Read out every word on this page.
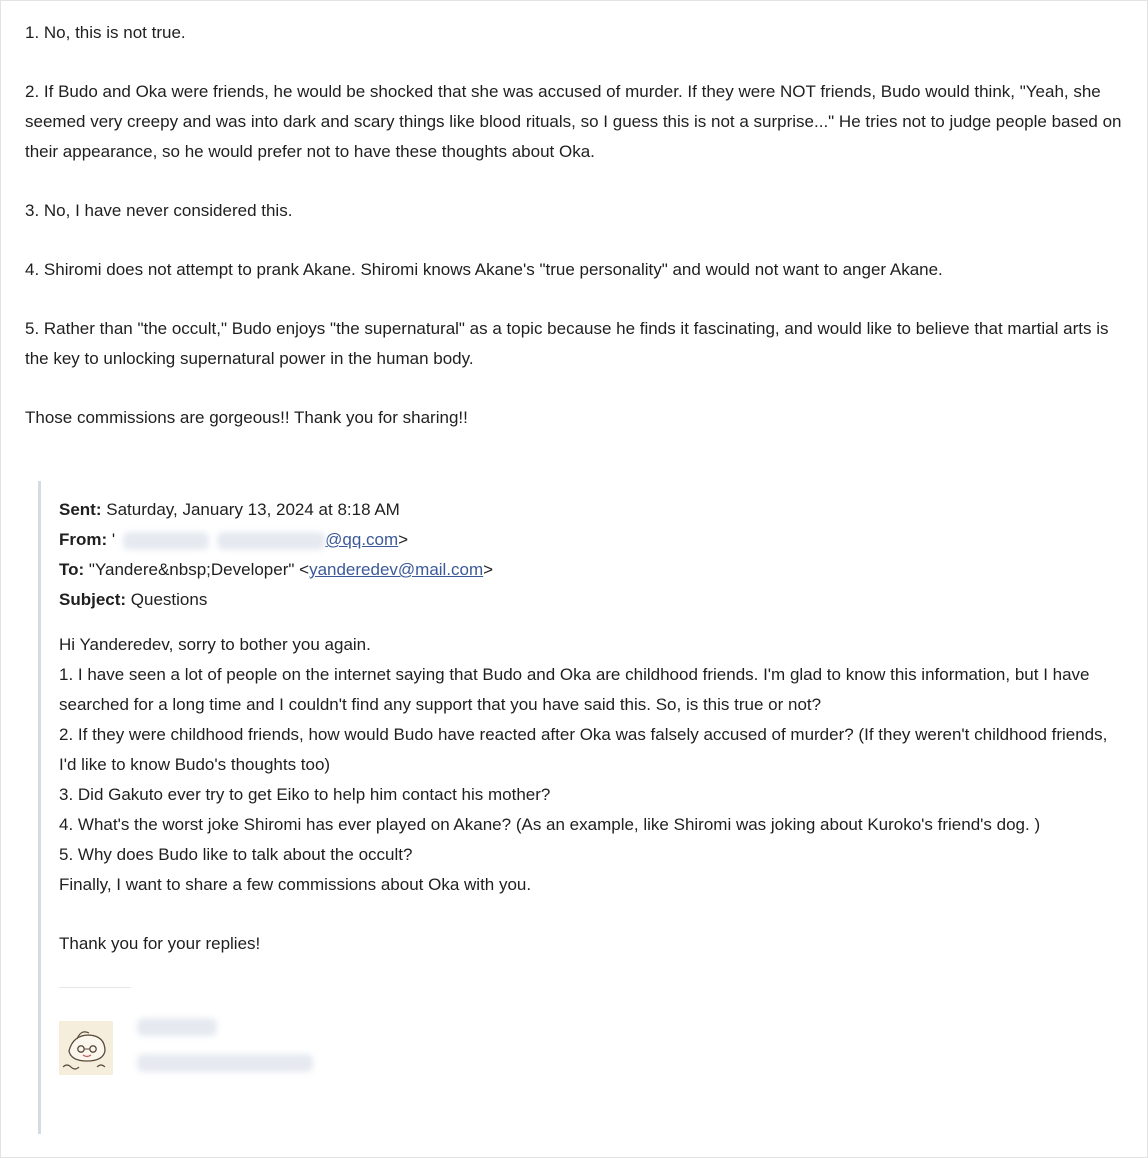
1. No, this is not true.

2. If Budo and Oka were friends, he would be shocked that she was accused of murder. If they were NOT friends, Budo would think, "Yeah, she seemed very creepy and was into dark and scary things like blood rituals, so I guess this is not a surprise..." He tries not to judge people based on their appearance, so he would prefer not to have these thoughts about Oka.

3. No, I have never considered this.

4. Shiromi does not attempt to prank Akane. Shiromi knows Akane's "true personality" and would not want to anger Akane.

5. Rather than "the occult," Budo enjoys "the supernatural" as a topic because he finds it fascinating, and would like to believe that martial arts is the key to unlocking supernatural power in the human body.

Those commissions are gorgeous!! Thank you for sharing!!

Sent: Saturday, January 13, 2024 at 8:18 AM
From: '	@qq.com>
To: "Yandere&nbsp;Developer" <yanderedev@mail.com>
Subject: Questions

Hi Yanderedev, sorry to bother you again.

1. I have seen a lot of people on the internet saying that Budo and Oka are childhood friends. I'm glad to know this information, but I have searched for a long time and I couldn't find any support that you have said this. So, is this true or not?

2. If they were childhood friends, how would Budo have reacted after Oka was falsely accused of murder? (If they weren't childhood friends, I'd like to know Budo's thoughts too)

3. Did Gakuto ever try to get Eiko to help him contact his mother?

4. What's the worst joke Shiromi has ever played on Akane? (As an example, like Shiromi was joking about Kuroko's friend's dog. )

5. Why does Budo like to talk about the occult?

Finally, I want to share a few commissions about Oka with you.

Thank you for your replies!
